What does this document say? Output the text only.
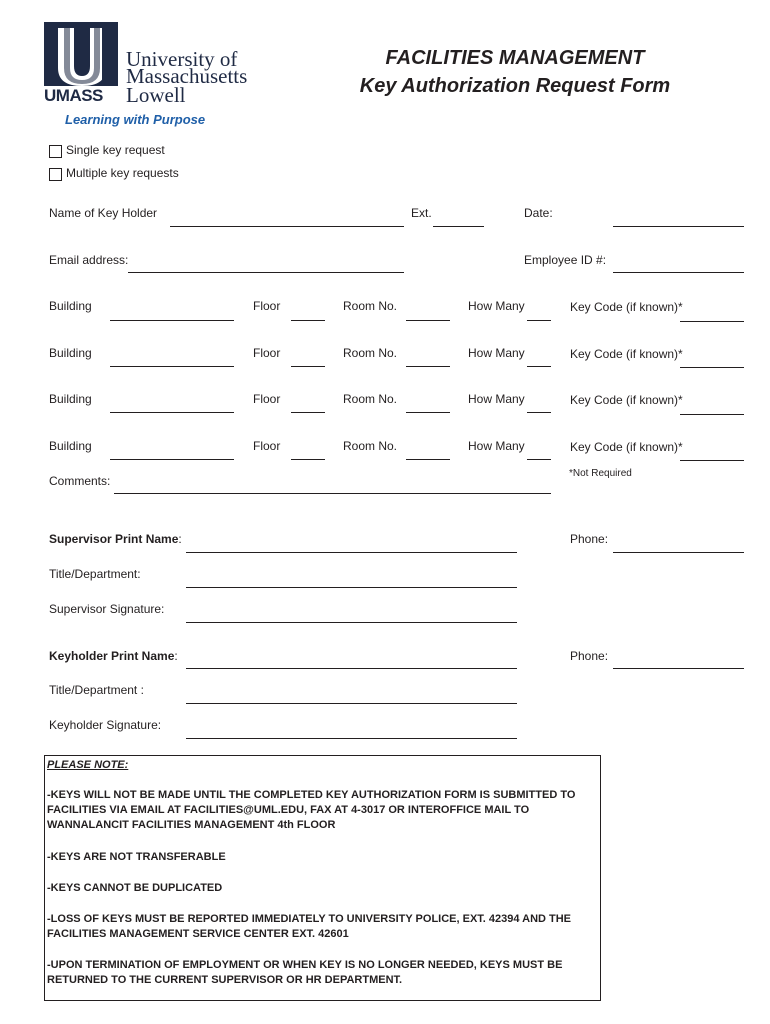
University of
Massachusetts
Lowell
UMASS
Learning with Purpose
FACILITIES MANAGEMENT
Key Authorization Request Form
Single key request
Multiple key requests
Name of Key Holder	Ext.	Date:
Email address:	Employee ID #:
Building	Floor	Room No.	How Many	Key Code (if known)*
Building	Floor	Room No.	How Many	Key Code (if known)*
Building	Floor	Room No.	How Many	Key Code (if known)*
Building	Floor	Room No.	How Many	Key Code (if known)*
*Not Required
Comments:
Supervisor Print Name:	Phone:
Title/Department:
Supervisor Signature:
Keyholder Print Name:	Phone:
Title/Department :
Keyholder Signature:
PLEASE NOTE:
-KEYS WILL NOT BE MADE UNTIL THE COMPLETED KEY AUTHORIZATION FORM IS SUBMITTED TO
FACILITIES VIA EMAIL AT FACILITIES@UML.EDU, FAX AT 4-3017 OR INTEROFFICE MAIL TO
WANNALANCIT FACILITIES MANAGEMENT 4th FLOOR
-KEYS ARE NOT TRANSFERABLE
-KEYS CANNOT BE DUPLICATED
-LOSS OF KEYS MUST BE REPORTED IMMEDIATELY TO UNIVERSITY POLICE, EXT. 42394 AND THE
FACILITIES MANAGEMENT SERVICE CENTER EXT. 42601
-UPON TERMINATION OF EMPLOYMENT OR WHEN KEY IS NO LONGER NEEDED, KEYS MUST BE
RETURNED TO THE CURRENT SUPERVISOR OR HR DEPARTMENT.
